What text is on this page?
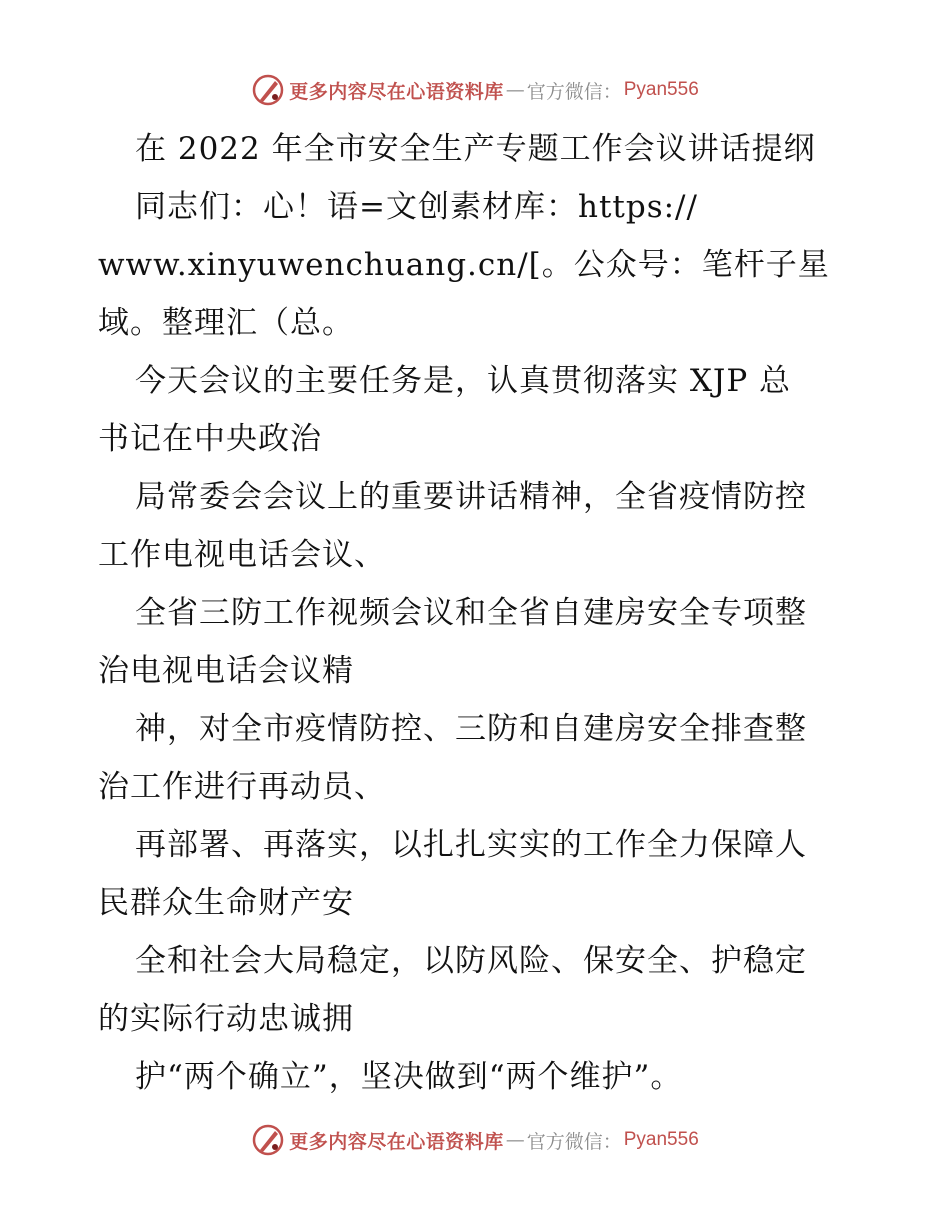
更多内容尽在心语资料库 — 官方微信： Pyan556
在 2022 年全市安全生产专题工作会议讲话提纲
同志们：心！语=文创素材库：https://
www.xinyuwenchuang.cn/[。公众号：笔杆子星
域。整理汇（总。
今天会议的主要任务是，认真贯彻落实 XJP 总
书记在中央政治
局常委会会议上的重要讲话精神，全省疫情防控
工作电视电话会议、
全省三防工作视频会议和全省自建房安全专项整
治电视电话会议精
神，对全市疫情防控、三防和自建房安全排查整
治工作进行再动员、
再部署、再落实，以扎扎实实的工作全力保障人
民群众生命财产安
全和社会大局稳定，以防风险、保安全、护稳定
的实际行动忠诚拥
护“两个确立”，坚决做到“两个维护”。
更多内容尽在心语资料库 — 官方微信： Pyan556
